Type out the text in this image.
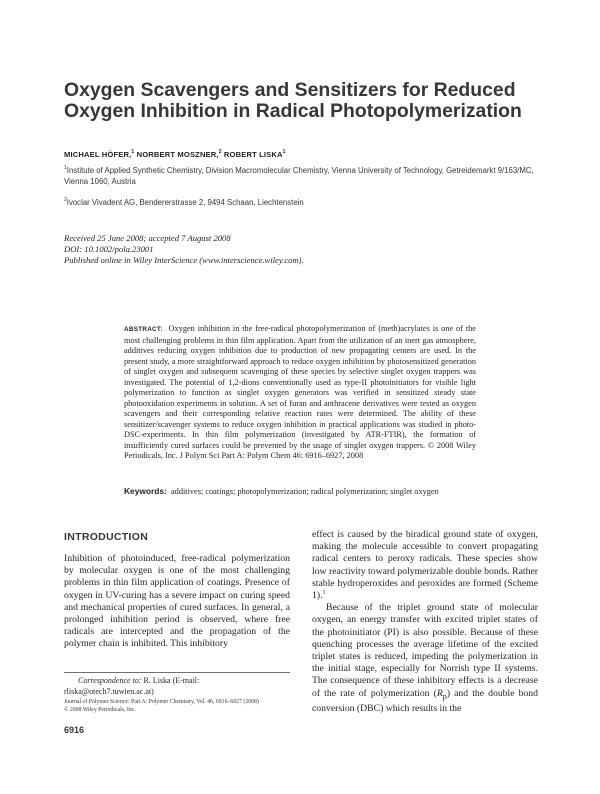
Oxygen Scavengers and Sensitizers for Reduced Oxygen Inhibition in Radical Photopolymerization
MICHAEL HÖFER,$^1$ NORBERT MOSZNER,$^2$ ROBERT LISKA$^1$
$^1$Institute of Applied Synthetic Chemistry, Division Macromolecular Chemistry, Vienna University of Technology, Getreidemarkt 9/163/MC, Vienna 1060, Austria
$^2$Ivoclar Vivadent AG, Bendererstrasse 2, 9494 Schaan, Liechtenstein
Received 25 June 2008; accepted 7 August 2008
DOI: 10.1002/pola.23001
Published online in Wiley InterScience (www.interscience.wiley.com).
ABSTRACT: Oxygen inhibition in the free-radical photopolymerization of (meth)acrylates is one of the most challenging problems in thin film application. Apart from the utilization of an inert gas atmosphere, additives reducing oxygen inhibition due to production of new propagating centers are used. In the present study, a more straightforward approach to reduce oxygen inhibition by photosensitized generation of singlet oxygen and subsequent scavenging of these species by selective singlet oxygen trappers was investigated. The potential of 1,2-dions conventionally used as type-II photoinitiators for visible light polymerization to function as singlet oxygen generators was verified in sensitized steady state photooxidation experiments in solution. A set of furan and anthracene derivatives were tested as oxygen scavengers and their corresponding relative reaction rates were determined. The ability of these sensitizer/scavenger systems to reduce oxygen inhibition in practical applications was studied in photo-DSC-experiments. In thin film polymerization (investigated by ATR-FTIR), the formation of insufficiently cured surfaces could be prevented by the usage of singlet oxygen trappers. © 2008 Wiley Periodicals, Inc. J Polym Sci Part A: Polym Chem 46: 6916–6927, 2008
Keywords: additives; coatings; photopolymerization; radical polymerization; singlet oxygen
INTRODUCTION
Inhibition of photoinduced, free-radical polymerization by molecular oxygen is one of the most challenging problems in thin film application of coatings. Presence of oxygen in UV-curing has a severe impact on curing speed and mechanical properties of cured surfaces. In general, a prolonged inhibition period is observed, where free radicals are intercepted and the propagation of the polymer chain is inhibited. This inhibitory

effect is caused by the biradical ground state of oxygen, making the molecule accessible to convert propagating radical centers to peroxy radicals. These species show low reactivity toward polymerizable double bonds. Rather stable hydroperoxides and peroxides are formed (Scheme 1).$^1$

Because of the triplet ground state of molecular oxygen, an energy transfer with excited triplet states of the photoinitiator (PI) is also possible. Because of these quenching processes the average lifetime of the excited triplet states is reduced, impeding the polymerization in the initial stage, especially for Norrish type II systems. The consequence of these inhibitory effects is a decrease of the rate of polymerization $(R_p)$ and the double bond conversion (DBC) which results in the

Correspondence to: R. Liska (E-mail: rliska@otech7.tuwien.ac.at)
Journal of Polymer Science: Part A: Polymer Chemistry, Vol. 46, 6916–6927 (2008)
© 2008 Wiley Periodicals, Inc.
6916
